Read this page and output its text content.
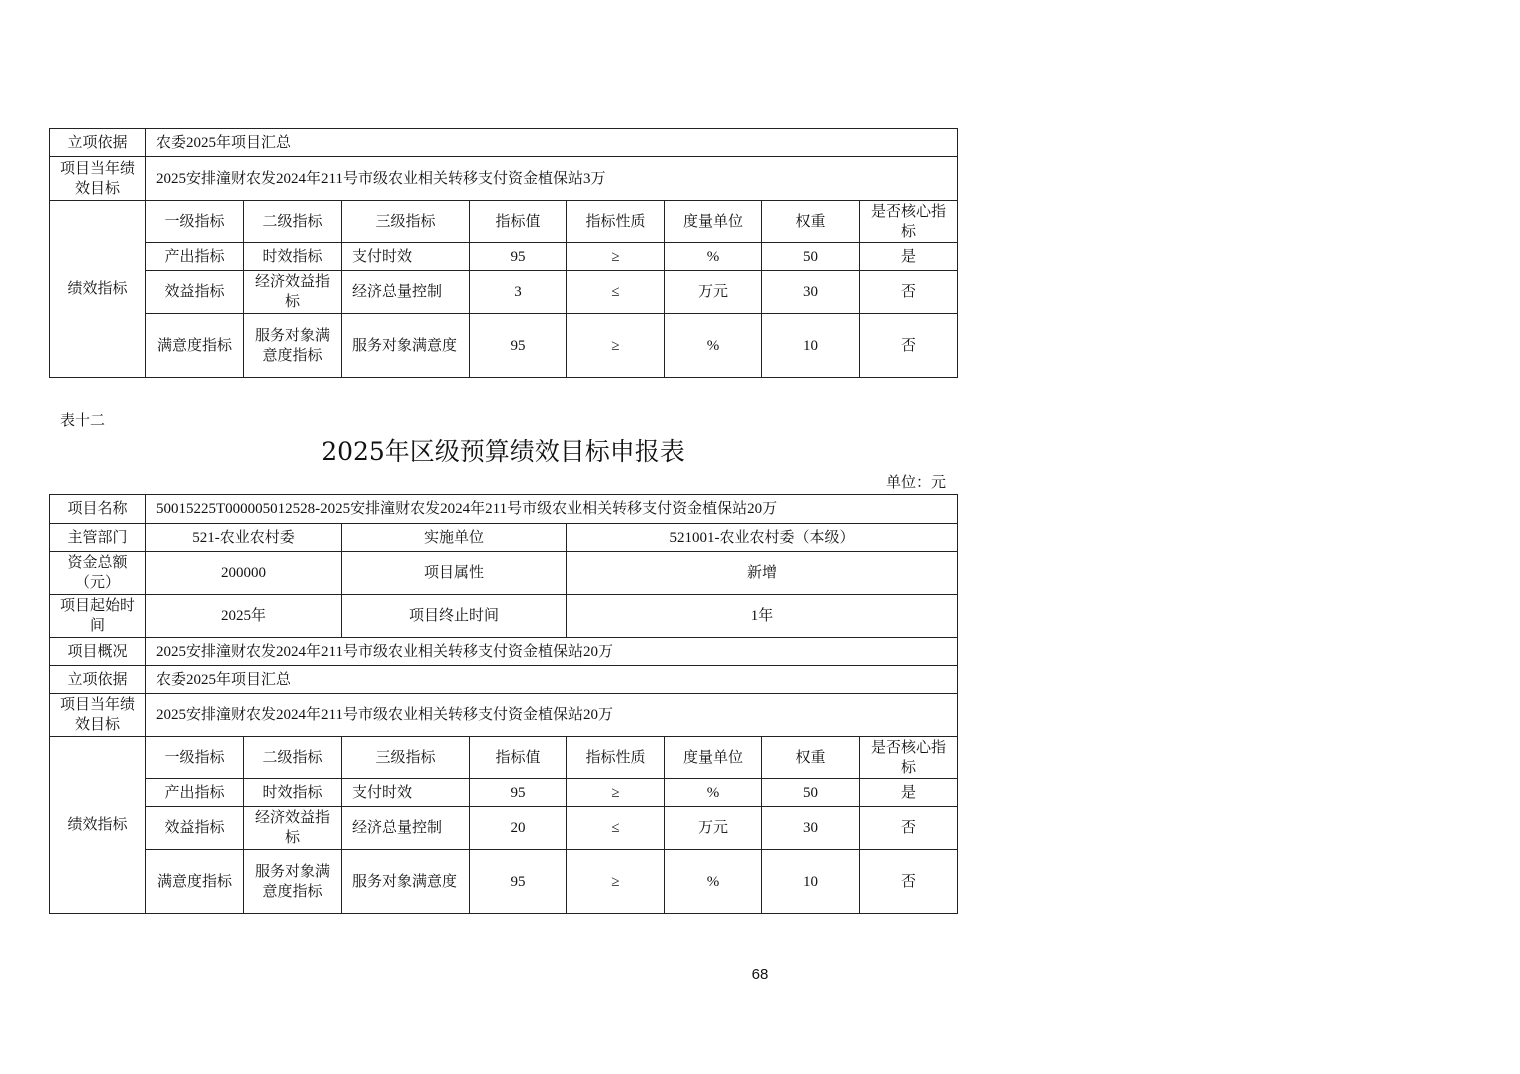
立项依据	农委2025年项目汇总							
项目当年绩效目标	2025安排潼财农发2024年211号市级农业相关转移支付资金植保站3万							
绩效指标	一级指标	二级指标	三级指标	指标值	指标性质	度量单位	权重	是否核心指标
	产出指标	时效指标	支付时效	95	≥	%	50	是
	效益指标	经济效益指标	经济总量控制	3	≤	万元	30	否
	满意度指标	服务对象满意度指标	服务对象满意度	95	≥	%	10	否
表十二
2025年区级预算绩效目标申报表
单位：元
项目名称	50015225T000005012528-2025安排潼财农发2024年211号市级农业相关转移支付资金植保站20万							
主管部门	521-农业农村委		实施单位		521001-农业农村委（本级）			
资金总额（元）	200000		项目属性		新增			
项目起始时间	2025年		项目终止时间		1年			
项目概况	2025安排潼财农发2024年211号市级农业相关转移支付资金植保站20万							
立项依据	农委2025年项目汇总							
项目当年绩效目标	2025安排潼财农发2024年211号市级农业相关转移支付资金植保站20万							
绩效指标	一级指标	二级指标	三级指标	指标值	指标性质	度量单位	权重	是否核心指标
	产出指标	时效指标	支付时效	95	≥	%	50	是
	效益指标	经济效益指标	经济总量控制	20	≤	万元	30	否
	满意度指标	服务对象满意度指标	服务对象满意度	95	≥	%	10	否
68
